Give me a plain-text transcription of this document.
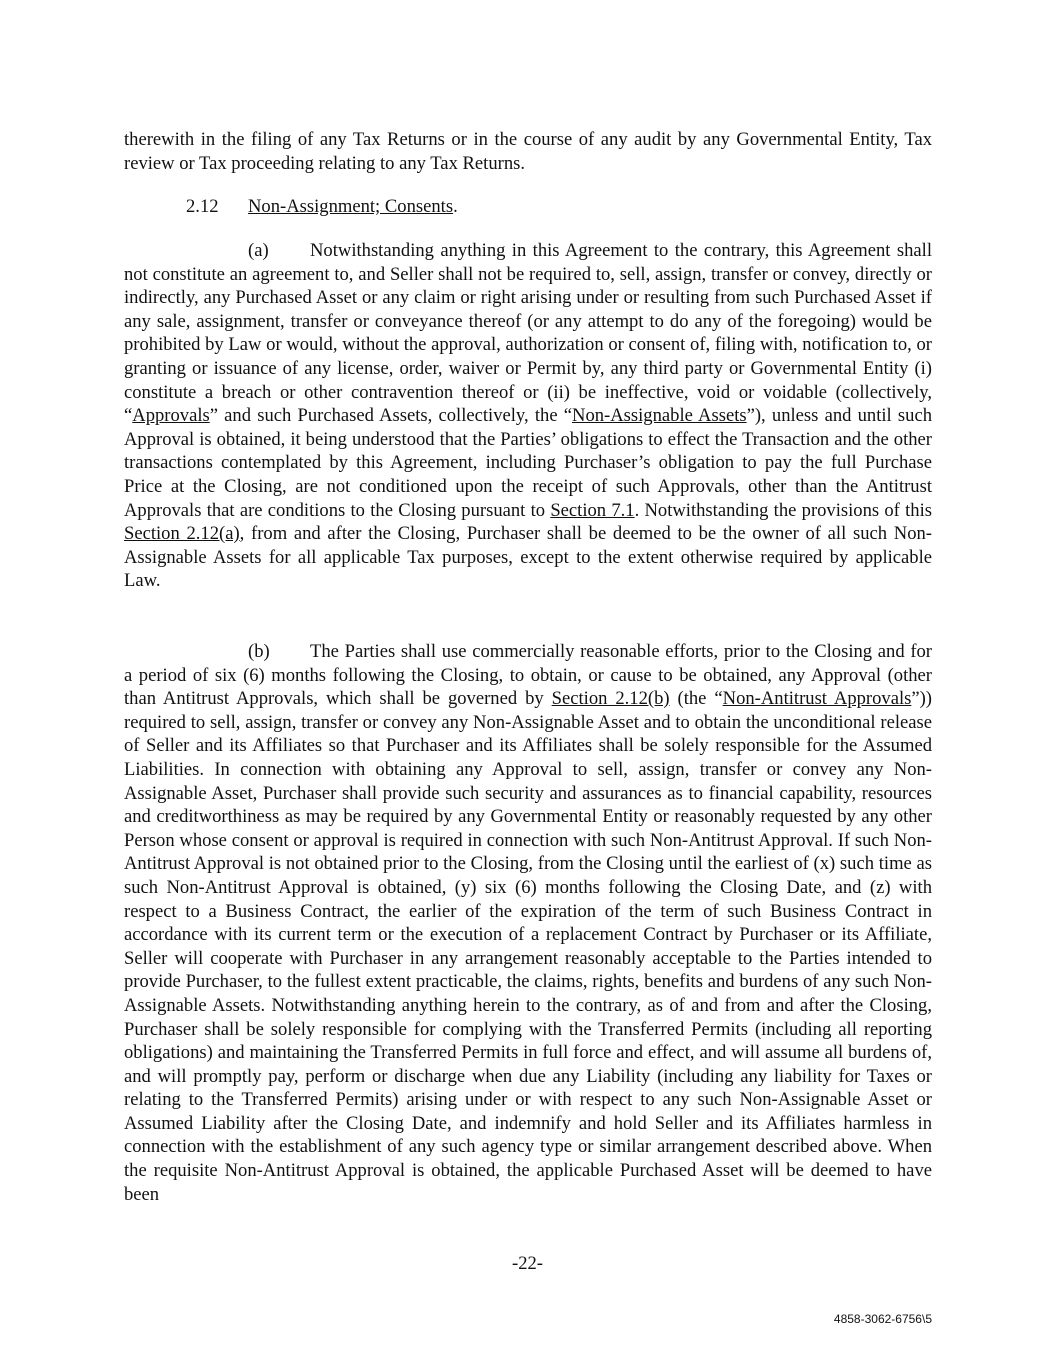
therewith in the filing of any Tax Returns or in the course of any audit by any Governmental Entity, Tax review or Tax proceeding relating to any Tax Returns.

2.12 Non-Assignment; Consents.

(a) Notwithstanding anything in this Agreement to the contrary, this Agreement shall not constitute an agreement to, and Seller shall not be required to, sell, assign, transfer or convey, directly or indirectly, any Purchased Asset or any claim or right arising under or resulting from such Purchased Asset if any sale, assignment, transfer or conveyance thereof (or any attempt to do any of the foregoing) would be prohibited by Law or would, without the approval, authorization or consent of, filing with, notification to, or granting or issuance of any license, order, waiver or Permit by, any third party or Governmental Entity (i) constitute a breach or other contravention thereof or (ii) be ineffective, void or voidable (collectively, “Approvals” and such Purchased Assets, collectively, the “Non-Assignable Assets”), unless and until such Approval is obtained, it being understood that the Parties’ obligations to effect the Transaction and the other transactions contemplated by this Agreement, including Purchaser’s obligation to pay the full Purchase Price at the Closing, are not conditioned upon the receipt of such Approvals, other than the Antitrust Approvals that are conditions to the Closing pursuant to Section 7.1. Notwithstanding the provisions of this Section 2.12(a), from and after the Closing, Purchaser shall be deemed to be the owner of all such Non-Assignable Assets for all applicable Tax purposes, except to the extent otherwise required by applicable Law.

(b) The Parties shall use commercially reasonable efforts, prior to the Closing and for a period of six (6) months following the Closing, to obtain, or cause to be obtained, any Approval (other than Antitrust Approvals, which shall be governed by Section 2.12(b) (the “Non-Antitrust Approvals”)) required to sell, assign, transfer or convey any Non-Assignable Asset and to obtain the unconditional release of Seller and its Affiliates so that Purchaser and its Affiliates shall be solely responsible for the Assumed Liabilities. In connection with obtaining any Approval to sell, assign, transfer or convey any Non-Assignable Asset, Purchaser shall provide such security and assurances as to financial capability, resources and creditworthiness as may be required by any Governmental Entity or reasonably requested by any other Person whose consent or approval is required in connection with such Non-Antitrust Approval. If such Non-Antitrust Approval is not obtained prior to the Closing, from the Closing until the earliest of (x) such time as such Non-Antitrust Approval is obtained, (y) six (6) months following the Closing Date, and (z) with respect to a Business Contract, the earlier of the expiration of the term of such Business Contract in accordance with its current term or the execution of a replacement Contract by Purchaser or its Affiliate, Seller will cooperate with Purchaser in any arrangement reasonably acceptable to the Parties intended to provide Purchaser, to the fullest extent practicable, the claims, rights, benefits and burdens of any such Non-Assignable Assets. Notwithstanding anything herein to the contrary, as of and from and after the Closing, Purchaser shall be solely responsible for complying with the Transferred Permits (including all reporting obligations) and maintaining the Transferred Permits in full force and effect, and will assume all burdens of, and will promptly pay, perform or discharge when due any Liability (including any liability for Taxes or relating to the Transferred Permits) arising under or with respect to any such Non-Assignable Asset or Assumed Liability after the Closing Date, and indemnify and hold Seller and its Affiliates harmless in connection with the establishment of any such agency type or similar arrangement described above. When the requisite Non-Antitrust Approval is obtained, the applicable Purchased Asset will be deemed to have been

-22-

4858-3062-6756\5
